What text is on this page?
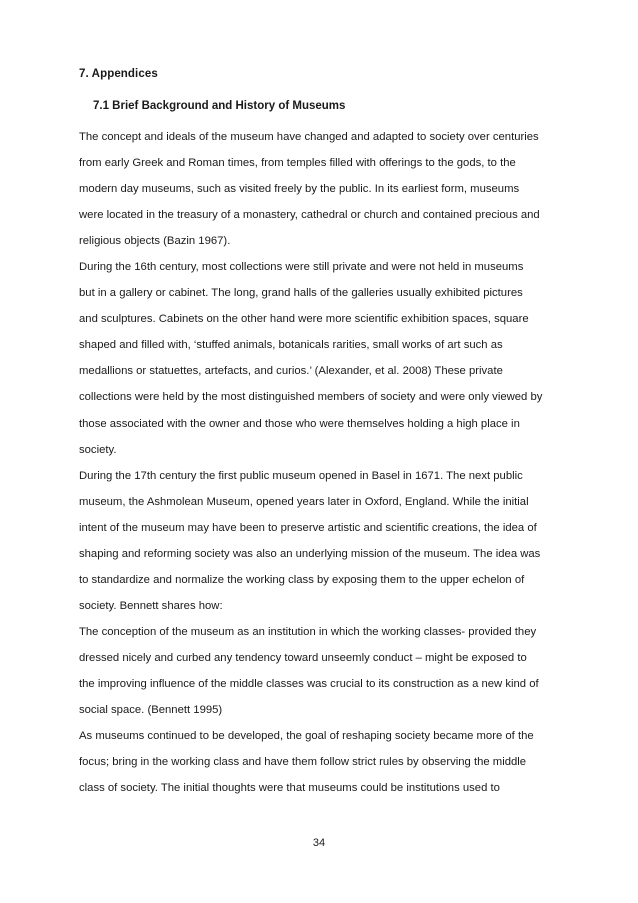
7. Appendices
7.1 Brief Background and History of Museums
The concept and ideals of the museum have changed and adapted to society over centuries
from early Greek and Roman times, from temples filled with offerings to the gods, to the
modern day museums, such as visited freely by the public. In its earliest form, museums
were located in the treasury of a monastery, cathedral or church and contained precious and
religious objects (Bazin 1967).
During the 16th century, most collections were still private and were not held in museums
but in a gallery or cabinet. The long, grand halls of the galleries usually exhibited pictures
and sculptures. Cabinets on the other hand were more scientific exhibition spaces, square
shaped and filled with, ‘stuffed animals, botanicals rarities, small works of art such as
medallions or statuettes, artefacts, and curios.’ (Alexander, et al. 2008) These private
collections were held by the most distinguished members of society and were only viewed by
those associated with the owner and those who were themselves holding a high place in
society.
During the 17th century the first public museum opened in Basel in 1671. The next public
museum, the Ashmolean Museum, opened years later in Oxford, England. While the initial
intent of the museum may have been to preserve artistic and scientific creations, the idea of
shaping and reforming society was also an underlying mission of the museum. The idea was
to standardize and normalize the working class by exposing them to the upper echelon of
society. Bennett shares how:
The conception of the museum as an institution in which the working classes- provided they
dressed nicely and curbed any tendency toward unseemly conduct – might be exposed to
the improving influence of the middle classes was crucial to its construction as a new kind of
social space. (Bennett 1995)
As museums continued to be developed, the goal of reshaping society became more of the
focus; bring in the working class and have them follow strict rules by observing the middle
class of society. The initial thoughts were that museums could be institutions used to
34
